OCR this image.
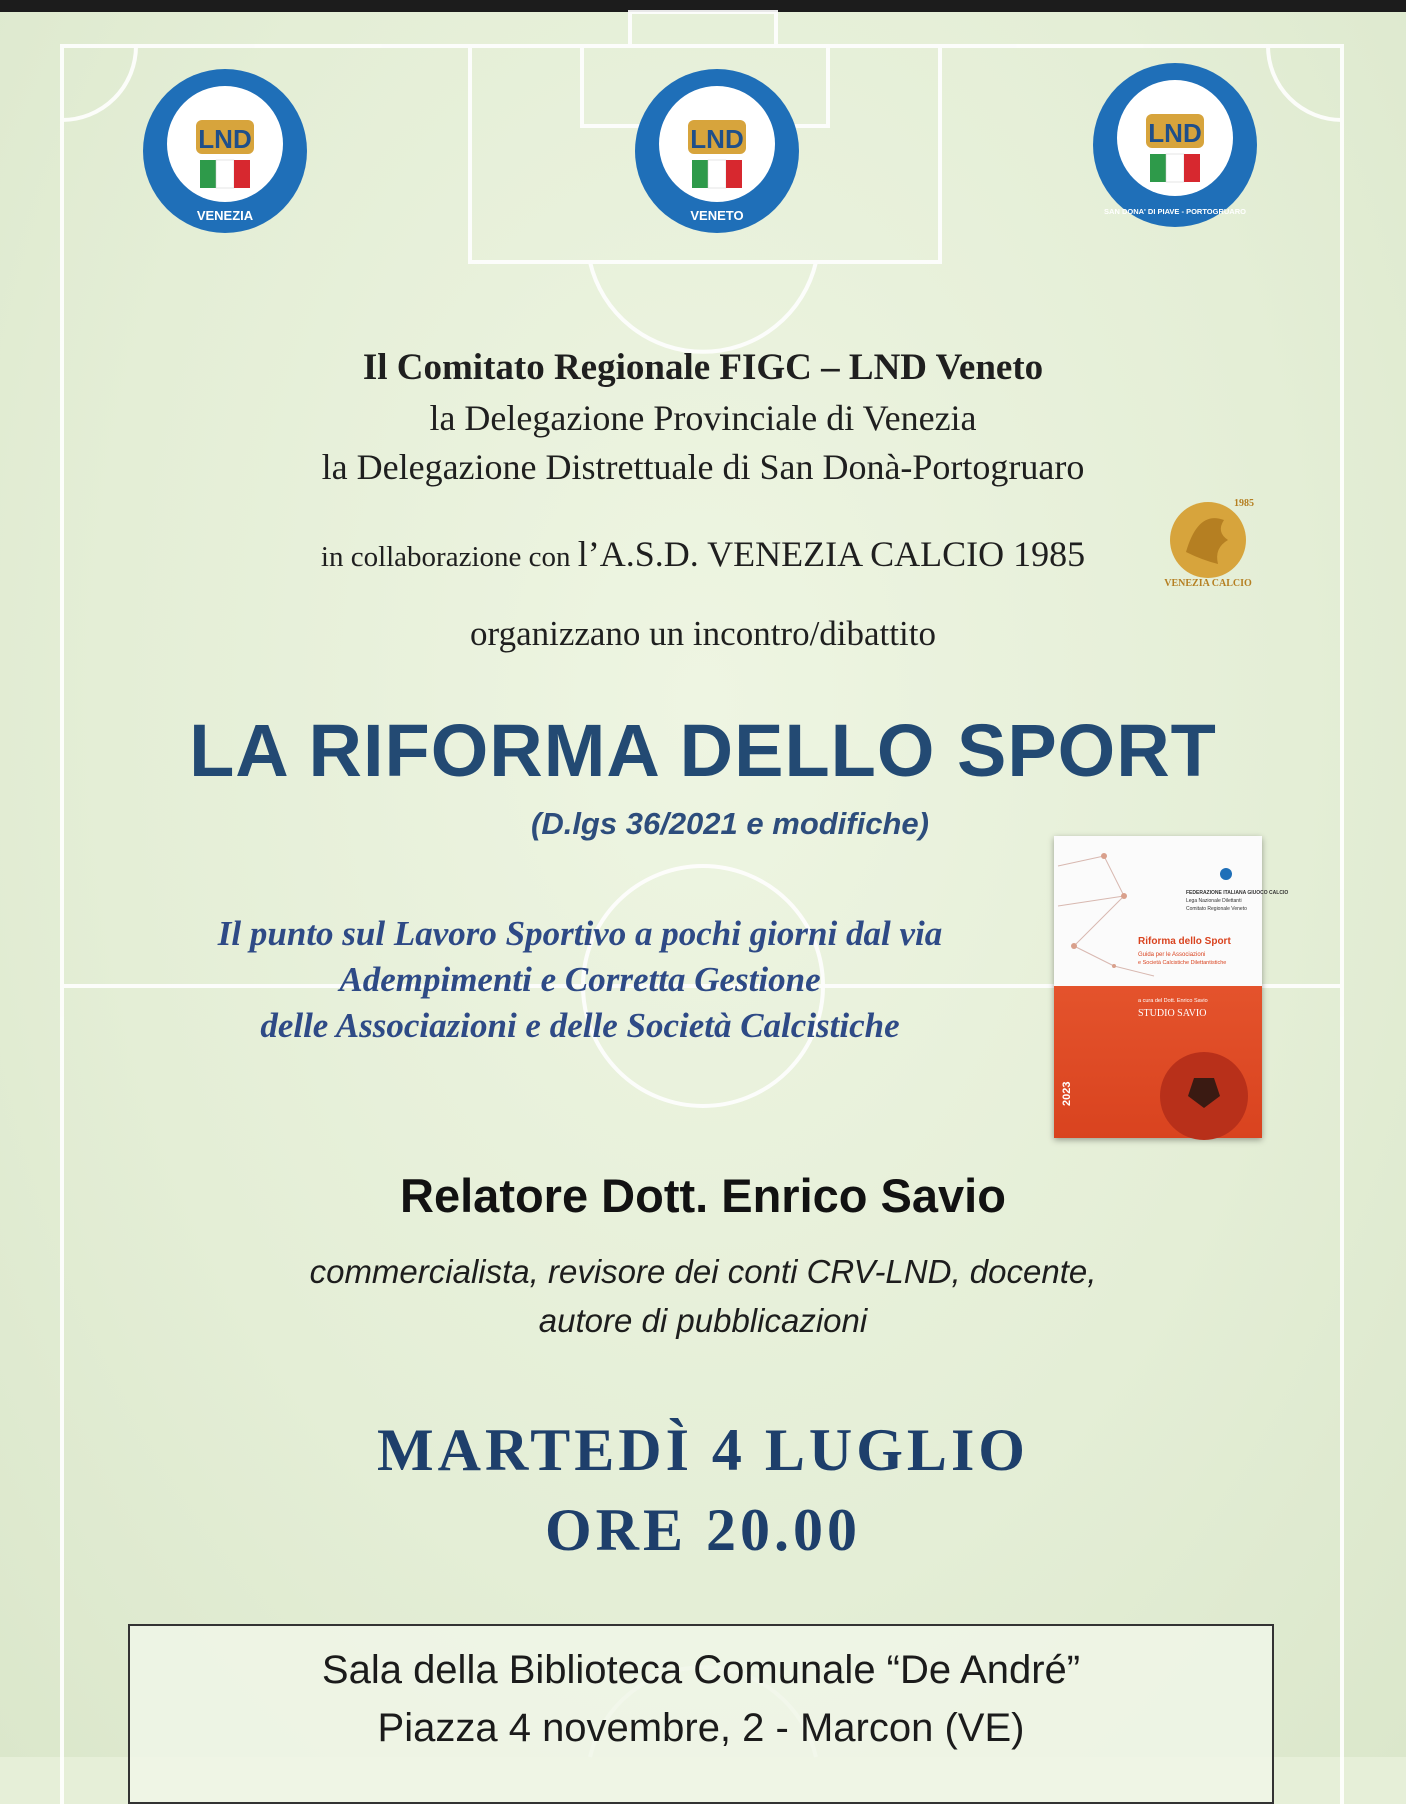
LND
VENEZIA
LND
VENETO
LND
SAN DONA' DI PIAVE - PORTOGRUARO
Il Comitato Regionale FIGC – LND Veneto
la Delegazione Provinciale di Venezia
la Delegazione Distrettuale di San Donà-Portogruaro
in collaborazione con l’A.S.D. VENEZIA CALCIO 1985
VENEZIA CALCIO
1985
organizzano un incontro/dibattito
LA RIFORMA DELLO SPORT
(D.lgs 36/2021 e modifiche)
Il punto sul Lavoro Sportivo a pochi giorni dal via
Adempimenti e Corretta Gestione
delle Associazioni e delle Società Calcistiche
FEDERAZIONE ITALIANA GIUOCO CALCIO
Lega Nazionale Dilettanti
Comitato Regionale Veneto
Riforma dello Sport
Guida per le Associazioni
e Società Calcistiche Dilettantistiche
a cura del Dott. Enrico Savio
STUDIO SAVIO
2023
Relatore Dott. Enrico Savio
commercialista, revisore dei conti CRV-LND, docente,
autore di pubblicazioni
MARTEDÌ 4 LUGLIO
ORE 20.00
Sala della Biblioteca Comunale “De André”
Piazza 4 novembre, 2 - Marcon (VE)
